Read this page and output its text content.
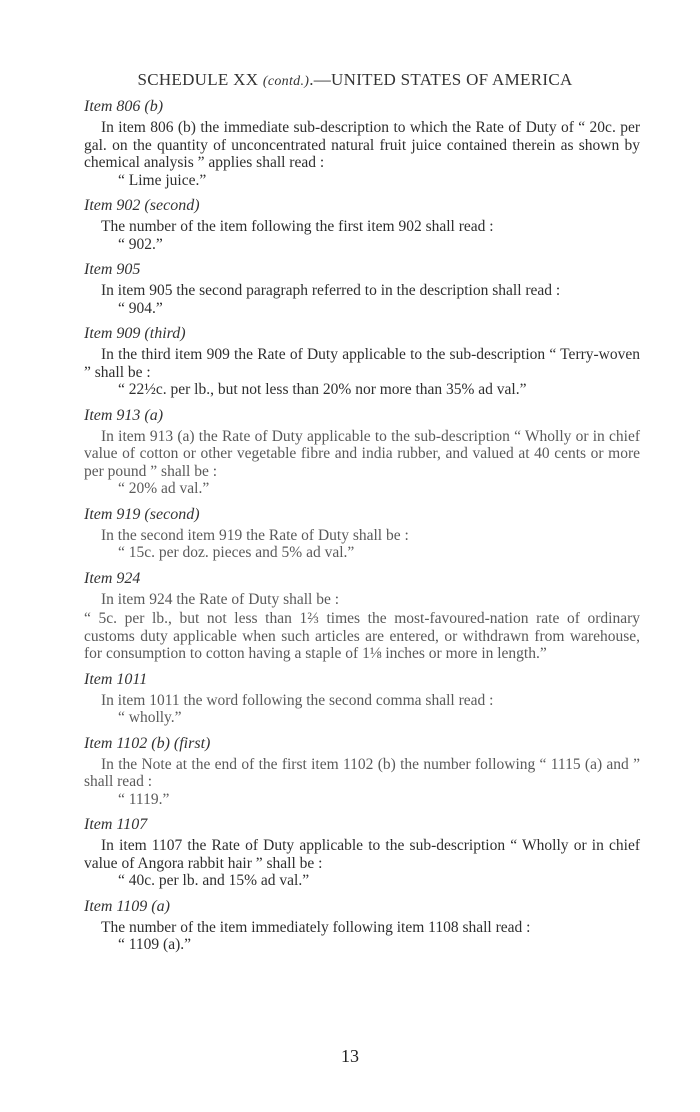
SCHEDULE XX (contd.).—UNITED STATES OF AMERICA

Item 806 (b)

In item 806 (b) the immediate sub-description to which the Rate of Duty of “ 20c. per gal. on the quantity of unconcentrated natural fruit juice contained therein as shown by chemical analysis ” applies shall read :

“ Lime juice.”

Item 902 (second)

The number of the item following the first item 902 shall read :

“ 902.”

Item 905

In item 905 the second paragraph referred to in the description shall read :

“ 904.”

Item 909 (third)

In the third item 909 the Rate of Duty applicable to the sub-description “ Terry-woven ” shall be :

“ 22½c. per lb., but not less than 20% nor more than 35% ad val.”

Item 913 (a)

In item 913 (a) the Rate of Duty applicable to the sub-description “ Wholly or in chief value of cotton or other vegetable fibre and india rubber, and valued at 40 cents or more per pound ” shall be :

“ 20% ad val.”

Item 919 (second)

In the second item 919 the Rate of Duty shall be :

“ 15c. per doz. pieces and 5% ad val.”

Item 924

In item 924 the Rate of Duty shall be :

“ 5c. per lb., but not less than 1⅔ times the most-favoured-nation rate of ordinary customs duty applicable when such articles are entered, or withdrawn from warehouse, for consumption to cotton having a staple of 1⅛ inches or more in length.”

Item 1011

In item 1011 the word following the second comma shall read :

“ wholly.”

Item 1102 (b) (first)

In the Note at the end of the first item 1102 (b) the number following “ 1115 (a) and ” shall read :

“ 1119.”

Item 1107

In item 1107 the Rate of Duty applicable to the sub-description “ Wholly or in chief value of Angora rabbit hair ” shall be :

“ 40c. per lb. and 15% ad val.”

Item 1109 (a)

The number of the item immediately following item 1108 shall read :

“ 1109 (a).”

13
